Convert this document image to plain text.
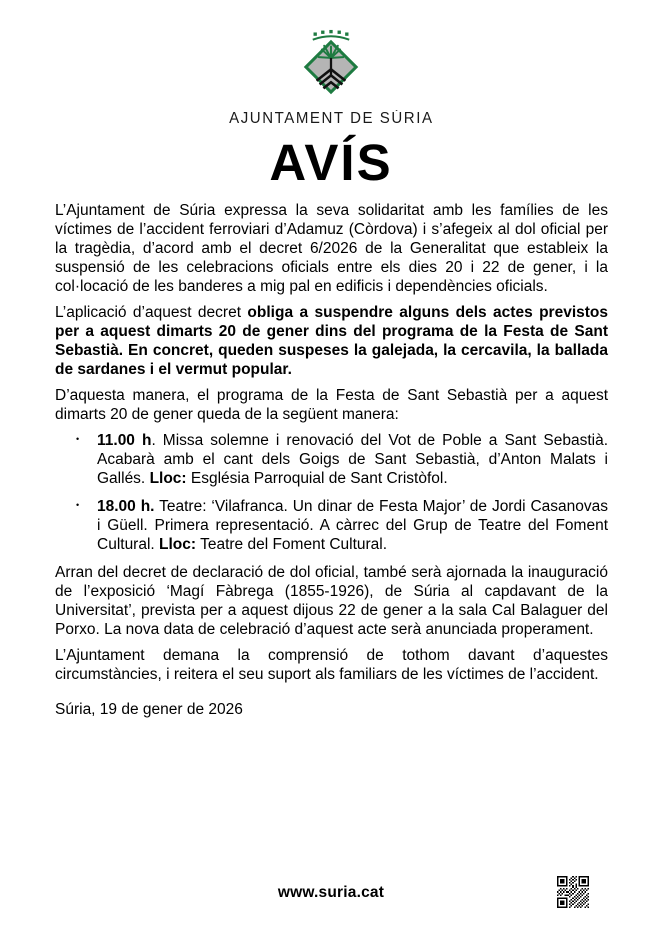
AJUNTAMENT DE SÚRIA
AVÍS

L’Ajuntament de Súria expressa la seva solidaritat amb les famílies de les víctimes de l’accident ferroviari d’Adamuz (Còrdova) i s’afegeix al dol oficial per la tragèdia, d’acord amb el decret 6/2026 de la Generalitat que estableix la suspensió de les celebracions oficials entre els dies 20 i 22 de gener, i la col·locació de les banderes a mig pal en edificis i dependències oficials.

L’aplicació d’aquest decret obliga a suspendre alguns dels actes previstos per a aquest dimarts 20 de gener dins del programa de la Festa de Sant Sebastià. En concret, queden suspeses la galejada, la cercavila, la ballada de sardanes i el vermut popular.

D’aquesta manera, el programa de la Festa de Sant Sebastià per a aquest dimarts 20 de gener queda de la següent manera:

• 11.00 h. Missa solemne i renovació del Vot de Poble a Sant Sebastià. Acabarà amb el cant dels Goigs de Sant Sebastià, d’Anton Malats i Gallés. Lloc: Església Parroquial de Sant Cristòfol.
• 18.00 h. Teatre: ‘Vilafranca. Un dinar de Festa Major’ de Jordi Casanovas i Güell. Primera representació. A càrrec del Grup de Teatre del Foment Cultural. Lloc: Teatre del Foment Cultural.

Arran del decret de declaració de dol oficial, també serà ajornada la inauguració de l’exposició ‘Magí Fàbrega (1855-1926), de Súria al capdavant de la Universitat’, prevista per a aquest dijous 22 de gener a la sala Cal Balaguer del Porxo. La nova data de celebració d’aquest acte serà anunciada properament.

L’Ajuntament demana la comprensió de tothom davant d’aquestes circumstàncies, i reitera el seu suport als familiars de les víctimes de l’accident.

Súria, 19 de gener de 2026

www.suria.cat
